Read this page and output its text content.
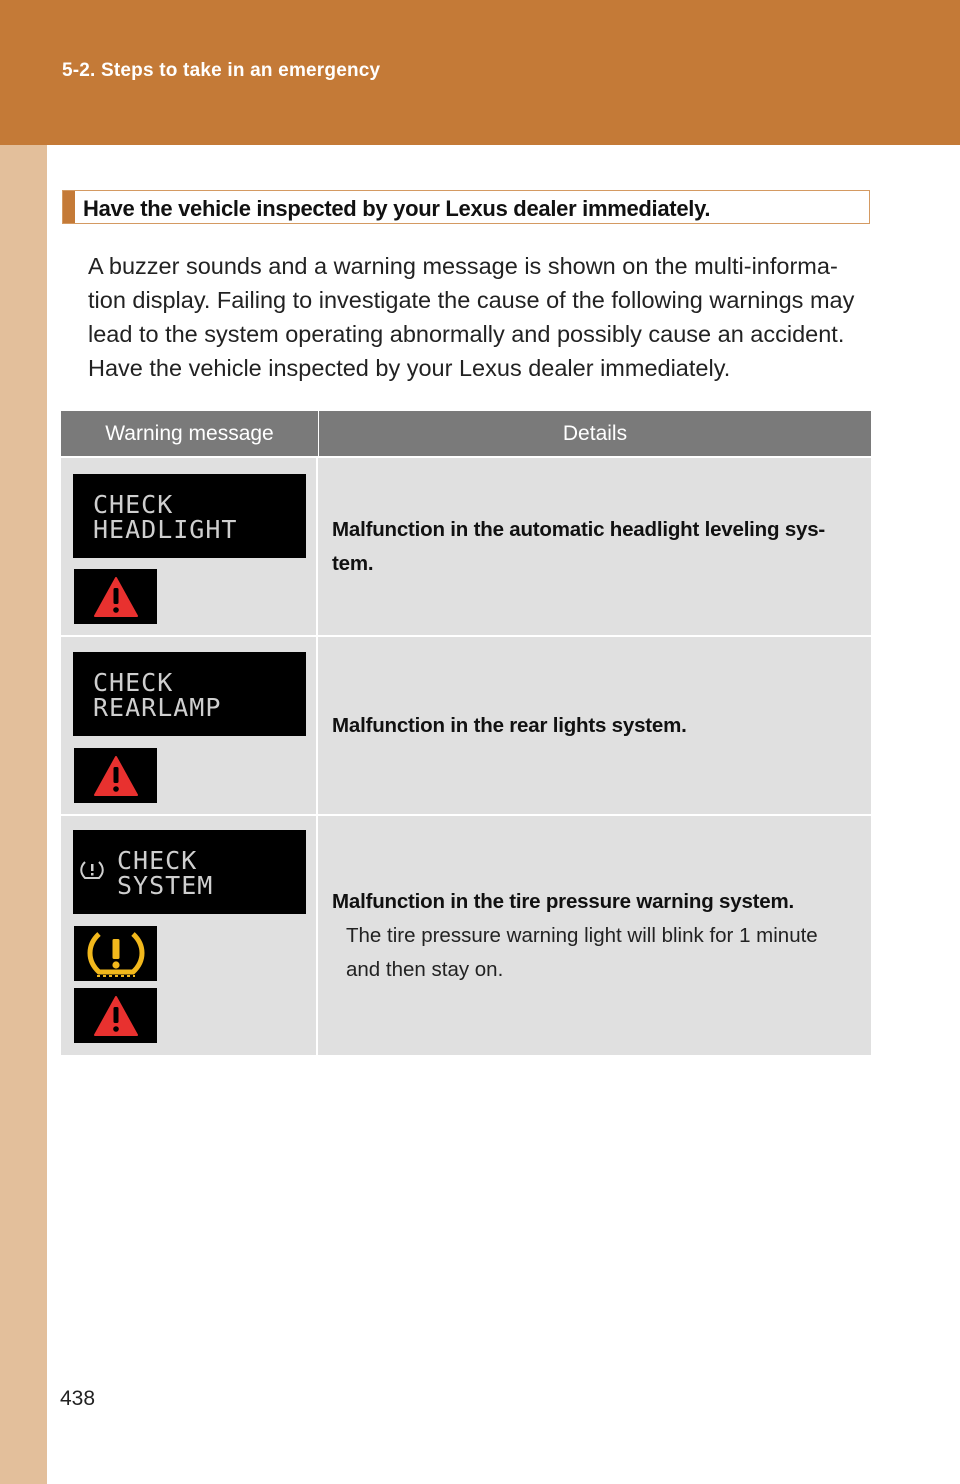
5-2. Steps to take in an emergency
438
Have the vehicle inspected by your Lexus dealer immediately.

A buzzer sounds and a warning message is shown on the multi-informa-

tion display. Failing to investigate the cause of the following warnings may

lead to the system operating abnormally and possibly cause an accident.

Have the vehicle inspected by your Lexus dealer immediately.

Warning message	Details
CHECK
HEADLIGHT	Malfunction in the automatic headlight leveling sys-
tem.
CHECK
REARLAMP
Malfunction in the rear lights system.
CHECK
SYSTEM
Malfunction in the tire pressure warning system.
The tire pressure warning light will blink for 1 minute
and then stay on.
